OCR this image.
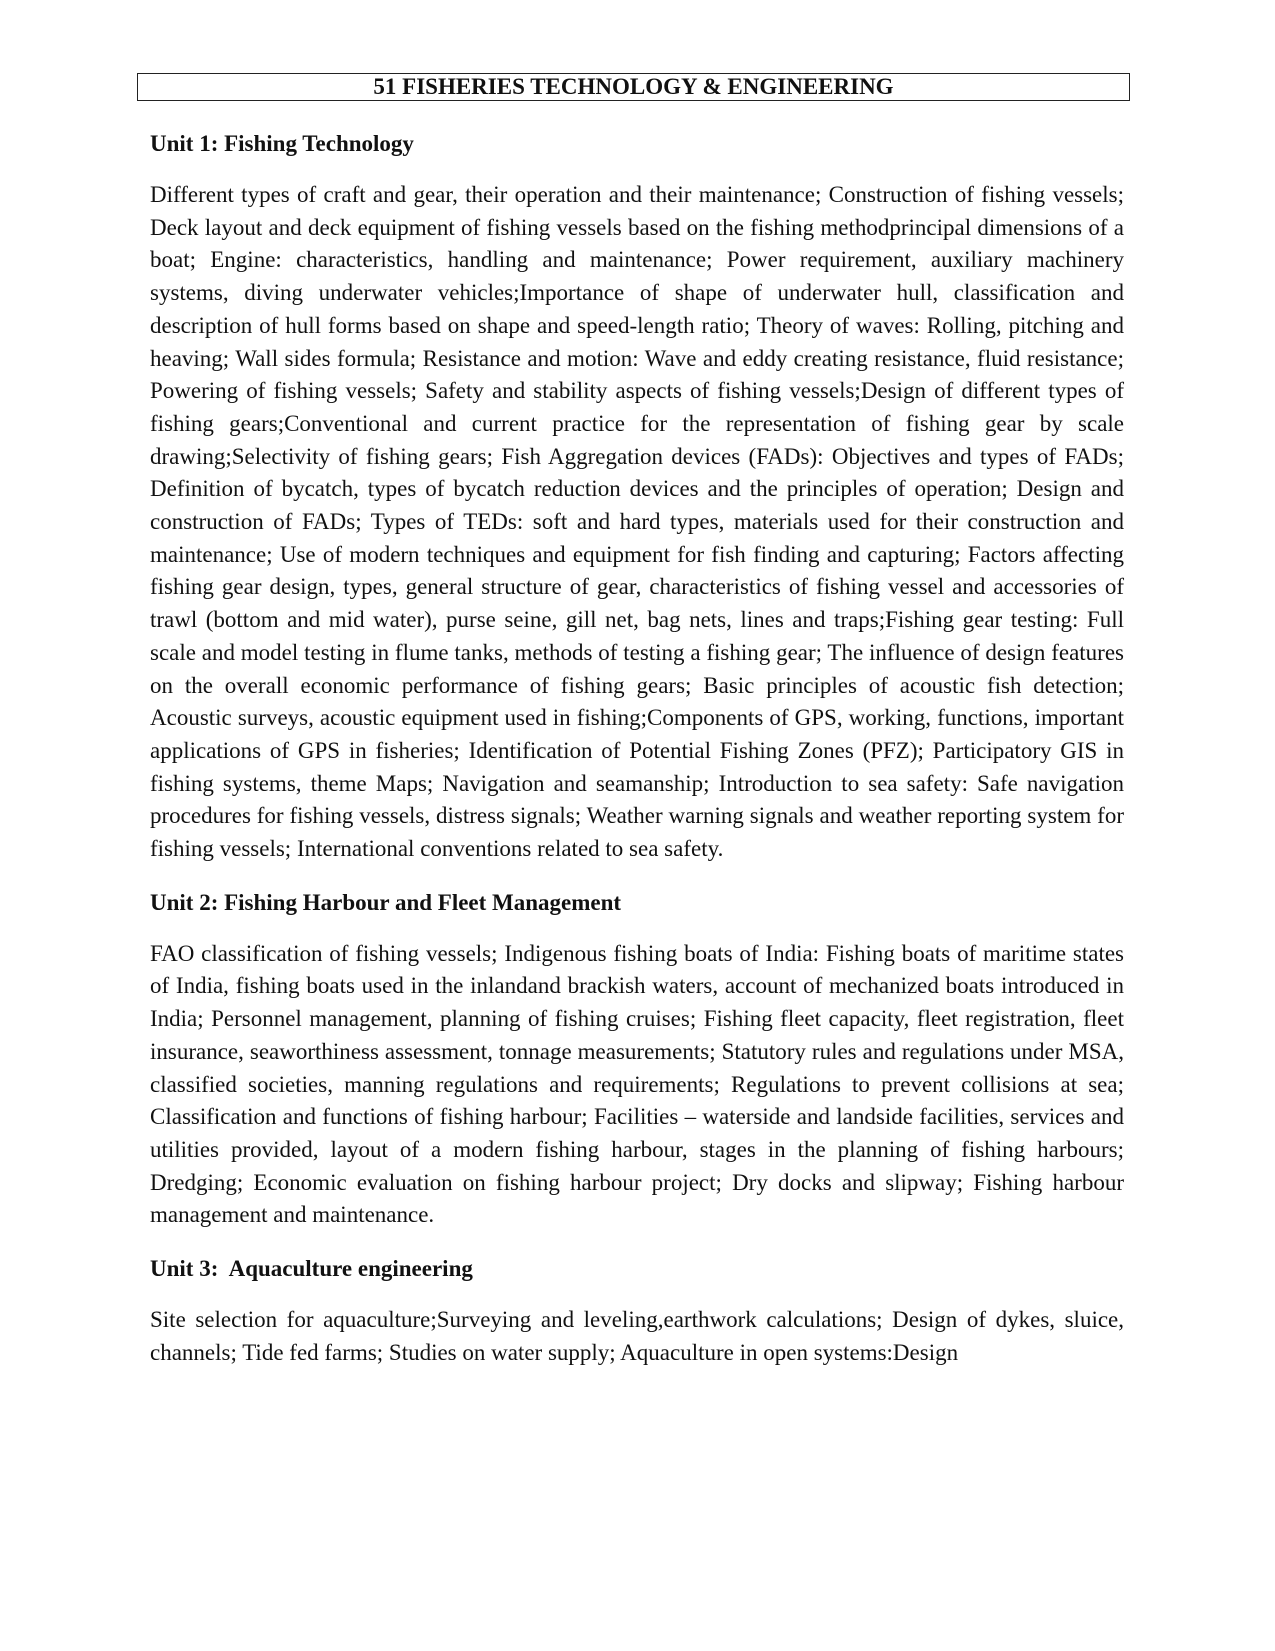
51 FISHERIES TECHNOLOGY & ENGINEERING
Unit 1: Fishing Technology

Different types of craft and gear, their operation and their maintenance; Construction of fishing vessels; Deck layout and deck equipment of fishing vessels based on the fishing methodprincipal dimensions of a boat; Engine: characteristics, handling and maintenance; Power requirement, auxiliary machinery systems, diving underwater vehicles;Importance of shape of underwater hull, classification and description of hull forms based on shape and speed-length ratio; Theory of waves: Rolling, pitching and heaving; Wall sides formula; Resistance and motion: Wave and eddy creating resistance, fluid resistance; Powering of fishing vessels; Safety and stability aspects of fishing vessels;Design of different types of fishing gears;Conventional and current practice for the representation of fishing gear by scale drawing;Selectivity of fishing gears; Fish Aggregation devices (FADs): Objectives and types of FADs; Definition of bycatch, types of bycatch reduction devices and the principles of operation; Design and construction of FADs; Types of TEDs: soft and hard types, materials used for their construction and maintenance; Use of modern techniques and equipment for fish finding and capturing; Factors affecting fishing gear design, types, general structure of gear, characteristics of fishing vessel and accessories of trawl (bottom and mid water), purse seine, gill net, bag nets, lines and traps;Fishing gear testing: Full scale and model testing in flume tanks, methods of testing a fishing gear; The influence of design features on the overall economic performance of fishing gears; Basic principles of acoustic fish detection; Acoustic surveys, acoustic equipment used in fishing;Components of GPS, working, functions, important applications of GPS in fisheries; Identification of Potential Fishing Zones (PFZ); Participatory GIS in fishing systems, theme Maps; Navigation and seamanship; Introduction to sea safety: Safe navigation procedures for fishing vessels, distress signals; Weather warning signals and weather reporting system for fishing vessels; International conventions related to sea safety.

Unit 2: Fishing Harbour and Fleet Management

FAO classification of fishing vessels; Indigenous fishing boats of India: Fishing boats of maritime states of India, fishing boats used in the inlandand brackish waters, account of mechanized boats introduced in India; Personnel management, planning of fishing cruises; Fishing fleet capacity, fleet registration, fleet insurance, seaworthiness assessment, tonnage measurements; Statutory rules and regulations under MSA, classified societies, manning regulations and requirements; Regulations to prevent collisions at sea; Classification and functions of fishing harbour; Facilities – waterside and landside facilities, services and utilities provided, layout of a modern fishing harbour, stages in the planning of fishing harbours; Dredging; Economic evaluation on fishing harbour project; Dry docks and slipway; Fishing harbour management and maintenance.

Unit 3:  Aquaculture engineering

Site selection for aquaculture;Surveying and leveling,earthwork calculations; Design of dykes, sluice, channels; Tide fed farms; Studies on water supply; Aquaculture in open systems:Design
